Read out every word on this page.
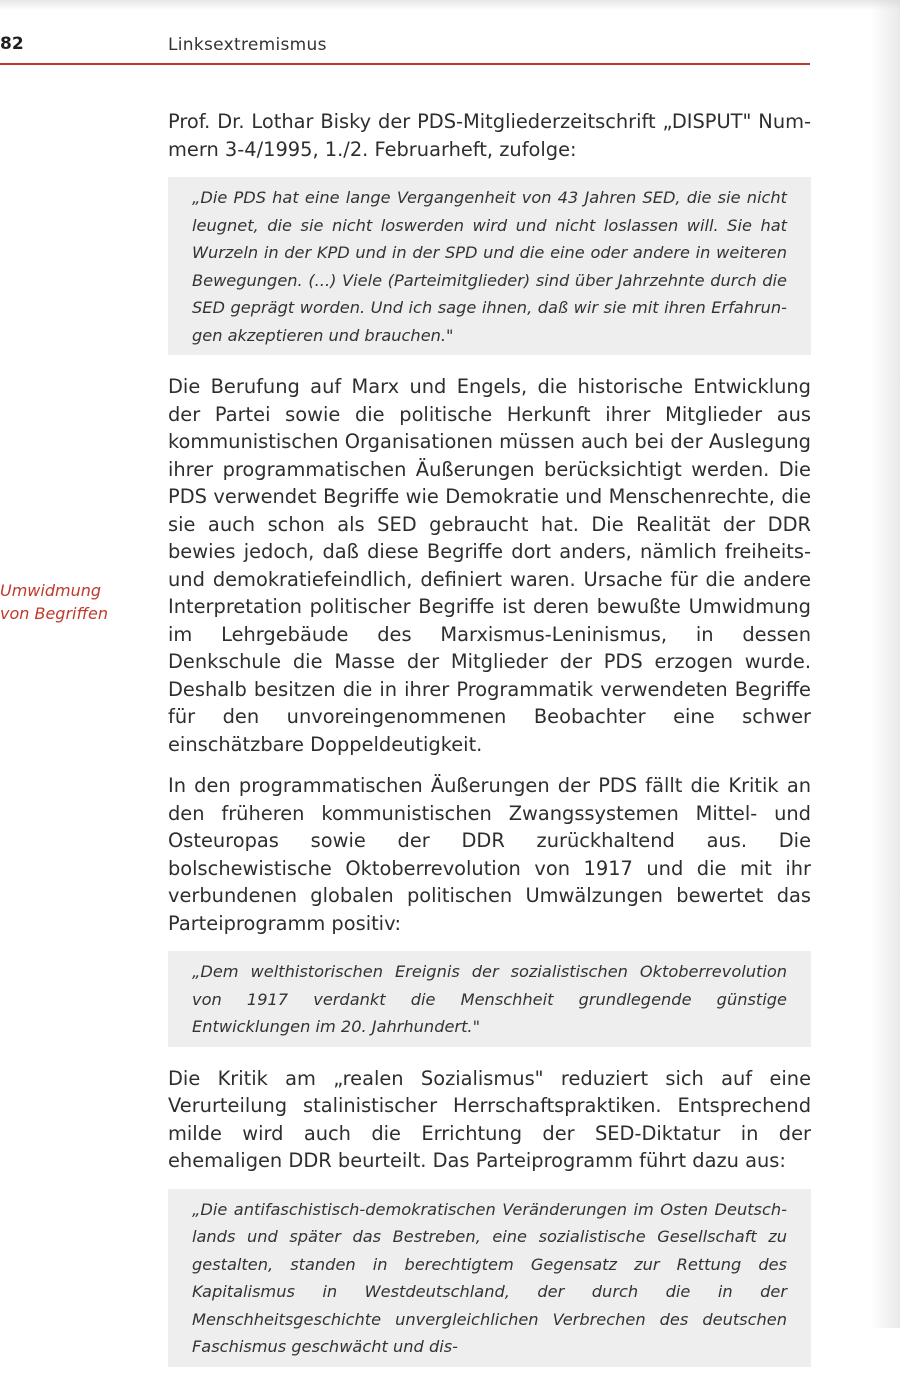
82	Linksextremismus
Umwidmung
von Begriffen

Prof. Dr. Lothar Bisky der PDS-Mitgliederzeitschrift „DISPUT" Nummern 3-4/1995, 1./2. Februarheft, zufolge:

„Die PDS hat eine lange Vergangenheit von 43 Jahren SED, die sie nicht leugnet, die sie nicht loswerden wird und nicht loslassen will. Sie hat Wurzeln in der KPD und in der SPD und die eine oder andere in weiteren Bewegungen. (...) Viele (Parteimitglieder) sind über Jahrzehnte durch die SED geprägt worden. Und ich sage ihnen, daß wir sie mit ihren Erfahrungen akzeptieren und brauchen."

Die Berufung auf Marx und Engels, die historische Entwicklung der Partei sowie die politische Herkunft ihrer Mitglieder aus kommunistischen Organisationen müssen auch bei der Auslegung ihrer programmatischen Äußerungen berücksichtigt werden. Die PDS verwendet Begriffe wie Demokratie und Menschenrechte, die sie auch schon als SED gebraucht hat. Die Realität der DDR bewies jedoch, daß diese Begriffe dort anders, nämlich freiheits- und demokratiefeindlich, definiert waren. Ursache für die andere Interpretation politischer Begriffe ist deren bewußte Umwidmung im Lehrgebäude des Marxismus-Leninismus, in dessen Denkschule die Masse der Mitglieder der PDS erzogen wurde. Deshalb besitzen die in ihrer Programmatik verwendeten Begriffe für den unvoreingenommenen Beobachter eine schwer einschätzbare Doppeldeutigkeit.

In den programmatischen Äußerungen der PDS fällt die Kritik an den früheren kommunistischen Zwangssystemen Mittel- und Osteuropas sowie der DDR zurückhaltend aus. Die bolschewistische Oktoberrevolution von 1917 und die mit ihr verbundenen globalen politischen Umwälzungen bewertet das Parteiprogramm positiv:

„Dem welthistorischen Ereignis der sozialistischen Oktoberrevolution von 1917 verdankt die Menschheit grundlegende günstige Entwicklungen im 20. Jahrhundert."

Die Kritik am „realen Sozialismus" reduziert sich auf eine Verurteilung stalinistischer Herrschaftspraktiken. Entsprechend milde wird auch die Errichtung der SED-Diktatur in der ehemaligen DDR beurteilt. Das Parteiprogramm führt dazu aus:

„Die antifaschistisch-demokratischen Veränderungen im Osten Deutschlands und später das Bestreben, eine sozialistische Gesellschaft zu gestalten, standen in berechtigtem Gegensatz zur Rettung des Kapitalismus in Westdeutschland, der durch die in der Menschheitsgeschichte unvergleichlichen Verbrechen des deutschen Faschismus geschwächt und dis-
